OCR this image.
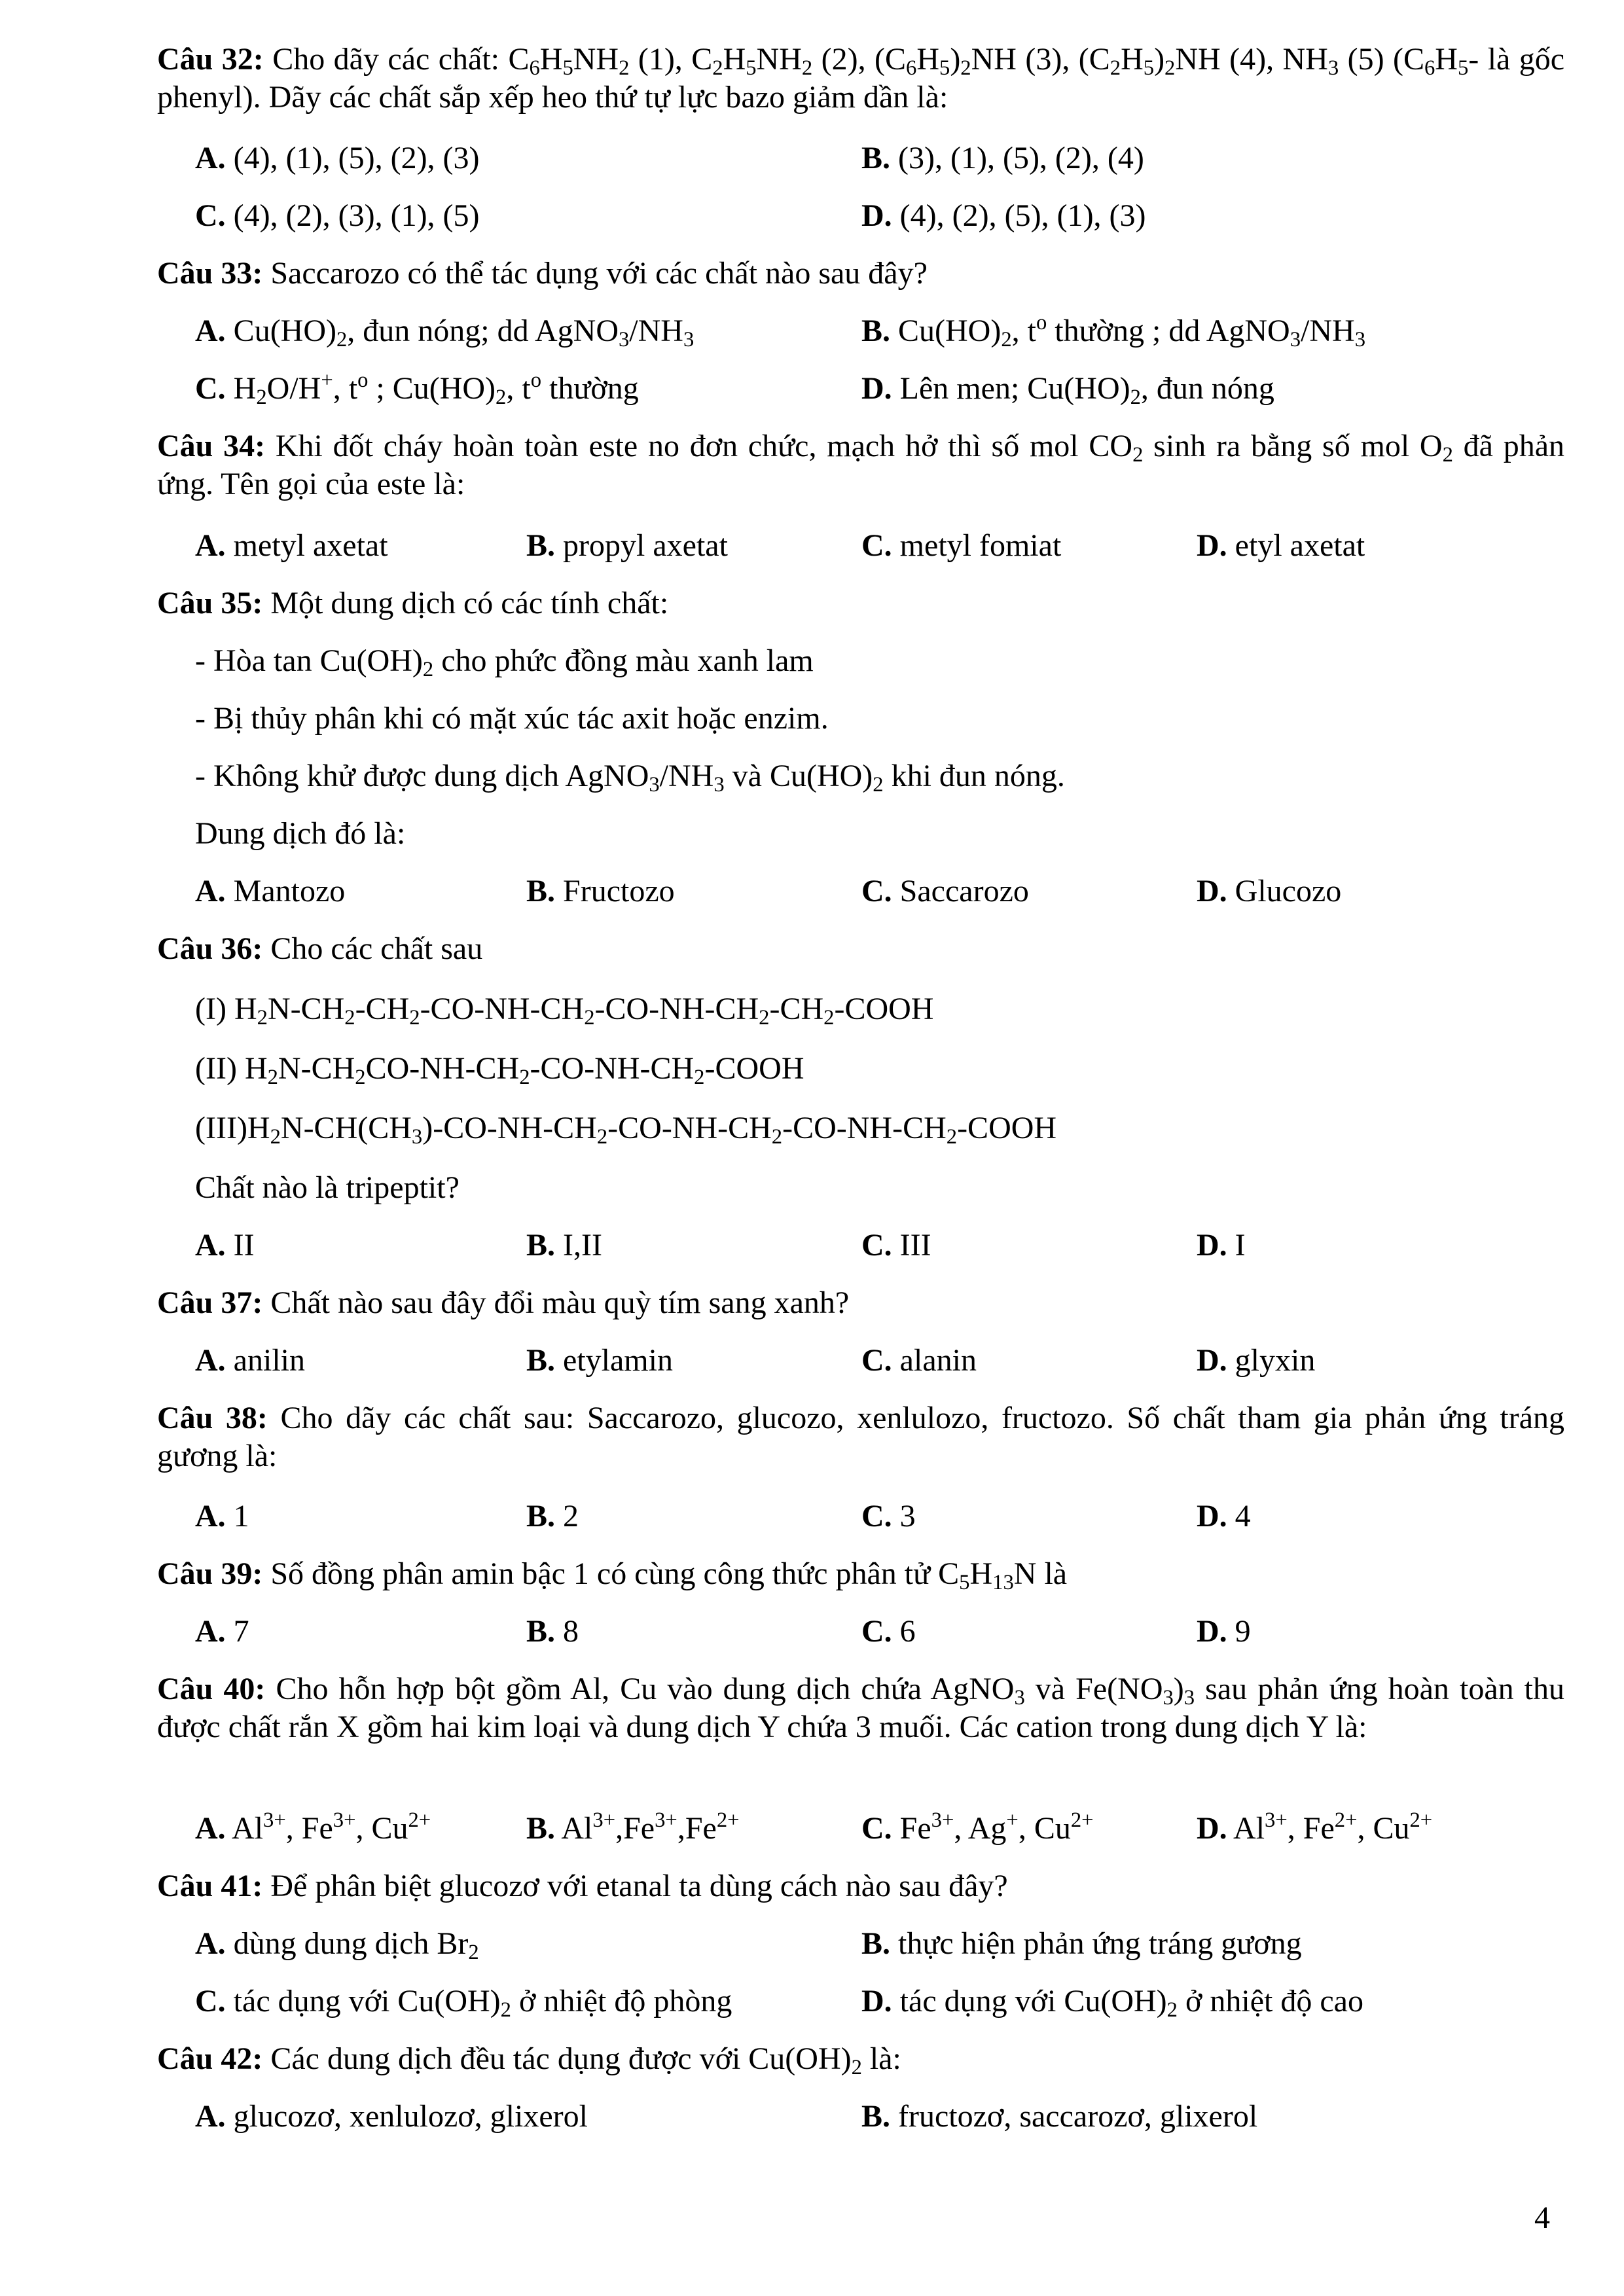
Câu 32: Cho dãy các chất: $C_6H_5NH_2$ (1), $C_2H_5NH_2$ (2), $(C_6H_5)_2NH$ (3), $(C_2H_5)_2NH$ (4), $NH_3$ (5) ($C_6H_5-$ là gốc phenyl). Dãy các chất sắp xếp heo thứ tự lực bazo giảm dần là:
A. (4), (1), (5), (2), (3)	B. (3), (1), (5), (2), (4)
C. (4), (2), (3), (1), (5)	D. (4), (2), (5), (1), (3)
Câu 33: Saccarozo có thể tác dụng với các chất nào sau đây?
A. $Cu(HO)_2$, đun nóng; dd $AgNO_3/NH_3$	B. $Cu(HO)_2$, $t^o$ thường ; dd $AgNO_3/NH_3$
C. $H_2O/H^+$, $t^o$ ; $Cu(HO)_2$, $t^o$ thường	D. Lên men; $Cu(HO)_2$, đun nóng
Câu 34: Khi đốt cháy hoàn toàn este no đơn chức, mạch hở thì số mol $CO_2$ sinh ra bằng số mol $O_2$ đã phản ứng. Tên gọi của este là:
A. metyl axetat	B. propyl axetat	C. metyl fomiat	D. etyl axetat
Câu 35: Một dung dịch có các tính chất:
- Hòa $\tan Cu(OH)_2$ cho phức đồng màu xanh lam
- Bị thủy phân khi có mặt xúc tác axit hoặc enzim.
- Không khử được dung dịch $AgNO_3/NH_3$ và $Cu(HO)_2$ khi đun nóng.
Dung dịch đó là:
A. Mantozo	B. Fructozo	C. Saccarozo	D. Glucozo
Câu 36: Cho các chất sau
(I) $H_2N-CH_2-CH_2-CO-NH-CH_2-CO-NH-CH_2-CH_2$-COOH
(II) $H_2N-CH_2CO-NH-CH_2-CO-NH-CH_2$-COOH
$(III)H_2N-CH(CH_3)-CO-NH-CH_2-CO-NH-CH_2-CO-NH-CH_2$-COOH
Chất nào là tripeptit?
A. II	B. I,II	C. III	D. I
Câu 37: Chất nào sau đây đổi màu quỳ tím sang xanh?
A. anilin	B. etylamin	C. alanin	D. glyxin
Câu 38: Cho dãy các chất sau: Saccarozo, glucozo, xenlulozo, fructozo. Số chất tham gia phản ứng tráng gương là:
A. 1	B. 2	C. 3	D. 4
Câu 39: Số đồng phân amin bậc 1 có cùng công thức phân tử $C_5H_{13}N$ là
A. 7	B. 8	C. 6	D. 9
Câu 40: Cho hỗn hợp bột gồm Al, Cu vào dung dịch chứa AgNO$_3$ và $Fe(NO_3)_3$ sau phản ứng hoàn toàn thu được chất rắn X gồm hai kim loại và dung dịch Y chứa 3 muối. Các cation trong dung dịch Y là:
A. $Al^{3+}$, $Fe^{3+}$, $Cu^{2+}$	B. $Al^{3+},Fe^{3+},Fe^{2+}$	C. $Fe^{3+}$, Ag+, $Cu^{2+}$	D. $Al^{3+}$, $Fe^{2+}$, $Cu^{2+}$
Câu 41: Để phân biệt glucozơ với etanal ta dùng cách nào sau đây?
A. dùng dung dịch $Br_2$	B. thực hiện phản ứng tráng gương
C. tác dụng với $Cu(OH)_2$ ở nhiệt độ phòng	D. tác dụng với $Cu(OH)_2$ ở nhiệt độ cao
Câu 42: Các dung dịch đều tác dụng được với $Cu(OH)_2$ là:
A. glucozơ, xenlulozơ, glixerol	B. fructozơ, saccarozơ, glixerol
4
